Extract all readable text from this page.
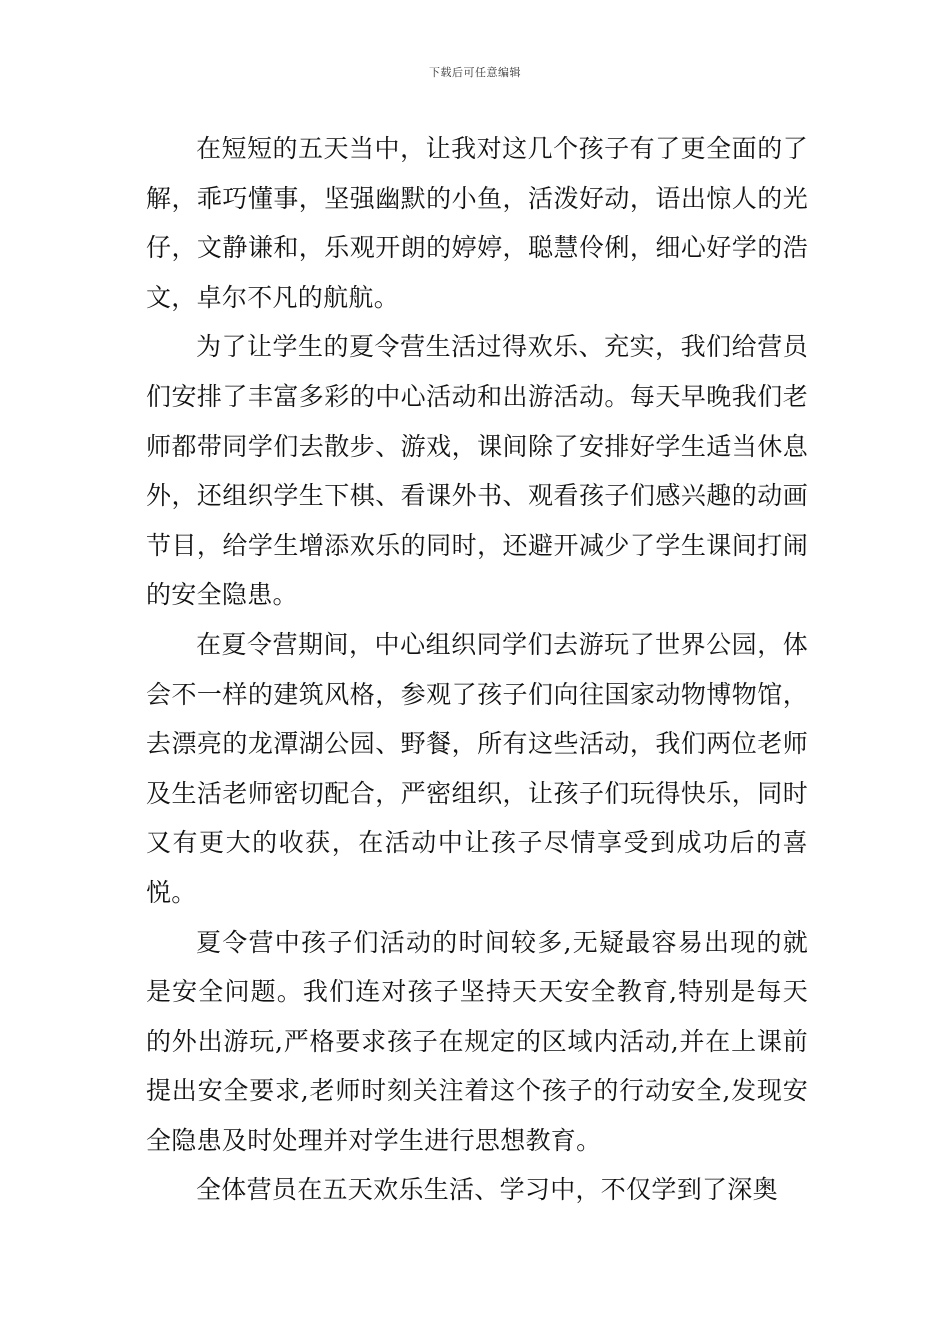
下载后可任意编辑

在短短的五天当中，让我对这几个孩子有了更全面的了解，乖巧懂事，坚强幽默的小鱼，活泼好动，语出惊人的光仔，文静谦和，乐观开朗的婷婷，聪慧伶俐，细心好学的浩文，卓尔不凡的航航。

为了让学生的夏令营生活过得欢乐、充实，我们给营员们安排了丰富多彩的中心活动和出游活动。每天早晚我们老师都带同学们去散步、游戏，课间除了安排好学生适当休息外，还组织学生下棋、看课外书、观看孩子们感兴趣的动画节目，给学生增添欢乐的同时，还避开减少了学生课间打闹的安全隐患。

在夏令营期间，中心组织同学们去游玩了世界公园，体会不一样的建筑风格，参观了孩子们向往国家动物博物馆，去漂亮的龙潭湖公园、野餐，所有这些活动，我们两位老师及生活老师密切配合，严密组织，让孩子们玩得快乐，同时又有更大的收获，在活动中让孩子尽情享受到成功后的喜悦。

夏令营中孩子们活动的时间较多,无疑最容易出现的就是安全问题。我们连对孩子坚持天天安全教育,特别是每天的外出游玩,严格要求孩子在规定的区域内活动,并在上课前提出安全要求,老师时刻关注着这个孩子的行动安全,发现安全隐患及时处理并对学生进行思想教育。

全体营员在五天欢乐生活、学习中，不仅学到了深奥
